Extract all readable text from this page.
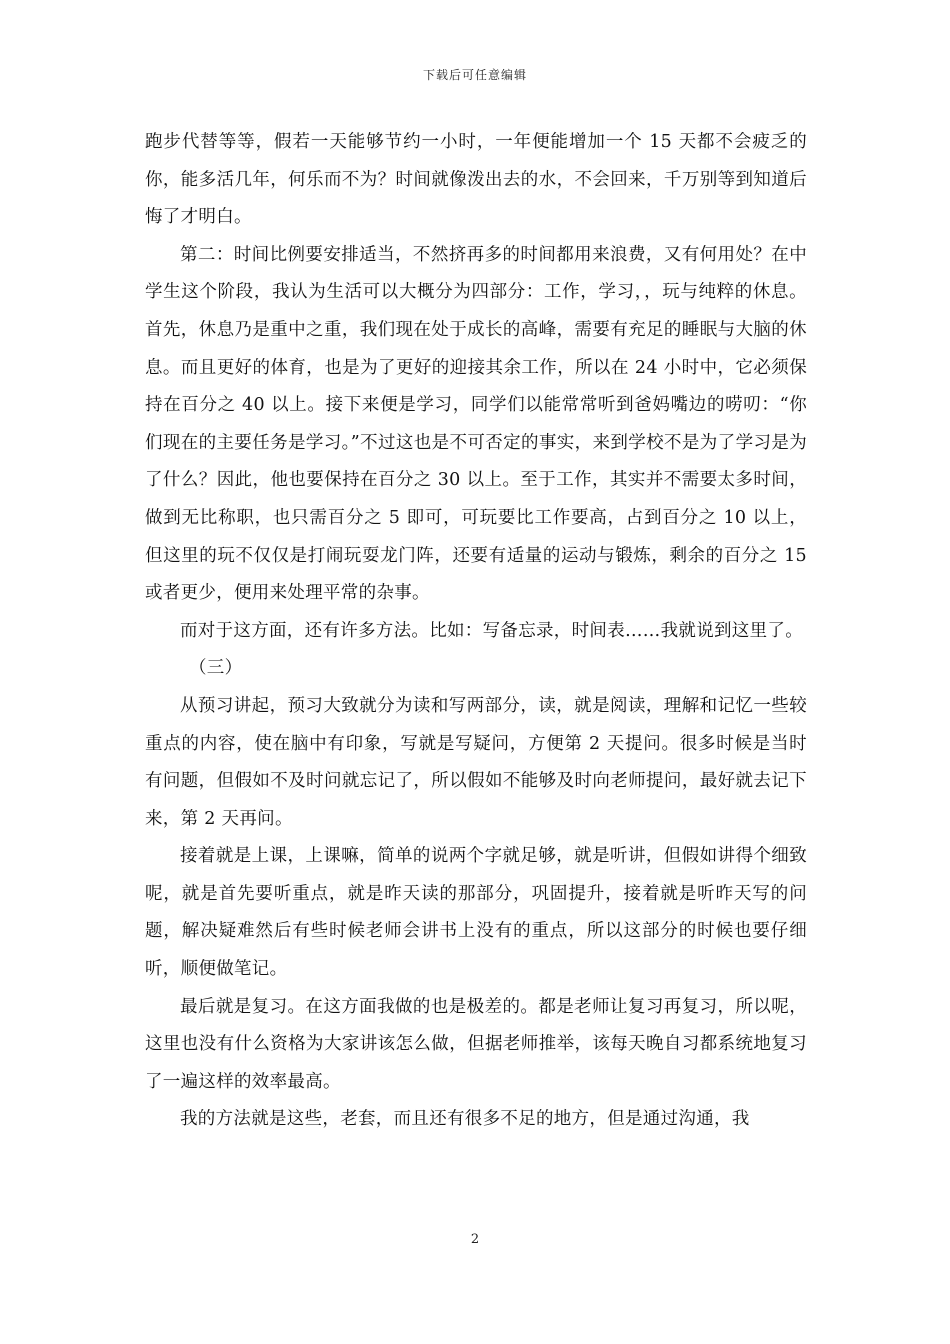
下载后可任意编辑

跑步代替等等，假若一天能够节约一小时，一年便能增加一个 15 天都不会疲乏的你，能多活几年，何乐而不为？时间就像泼出去的水，不会回来，千万别等到知道后悔了才明白。

第二：时间比例要安排适当，不然挤再多的时间都用来浪费，又有何用处？在中学生这个阶段，我认为生活可以大概分为四部分：工作，学习，，玩与纯粹的休息。首先，休息乃是重中之重，我们现在处于成长的高峰，需要有充足的睡眠与大脑的休息。而且更好的体育，也是为了更好的迎接其余工作，所以在 24 小时中，它必须保持在百分之 40 以上。接下来便是学习，同学们以能常常听到爸妈嘴边的唠叨：“你们现在的主要任务是学习。”不过这也是不可否定的事实，来到学校不是为了学习是为了什么？因此，他也要保持在百分之 30 以上。至于工作，其实并不需要太多时间，做到无比称职，也只需百分之 5 即可，可玩要比工作要高，占到百分之 10 以上，但这里的玩不仅仅是打闹玩耍龙门阵，还要有适量的运动与锻炼，剩余的百分之 15 或者更少，便用来处理平常的杂事。

而对于这方面，还有许多方法。比如：写备忘录，时间表……我就说到这里了。

（三）

从预习讲起，预习大致就分为读和写两部分，读，就是阅读，理解和记忆一些较重点的内容，使在脑中有印象，写就是写疑问，方便第 2 天提问。很多时候是当时有问题，但假如不及时问就忘记了，所以假如不能够及时向老师提问，最好就去记下来，第 2 天再问。

接着就是上课，上课嘛，简单的说两个字就足够，就是听讲，但假如讲得个细致呢，就是首先要听重点，就是昨天读的那部分，巩固提升，接着就是听昨天写的问题，解决疑难然后有些时候老师会讲书上没有的重点，所以这部分的时候也要仔细听，顺便做笔记。

最后就是复习。在这方面我做的也是极差的。都是老师让复习再复习，所以呢，这里也没有什么资格为大家讲该怎么做，但据老师推举，该每天晚自习都系统地复习了一遍这样的效率最高。

我的方法就是这些，老套，而且还有很多不足的地方，但是通过沟通，我

2
